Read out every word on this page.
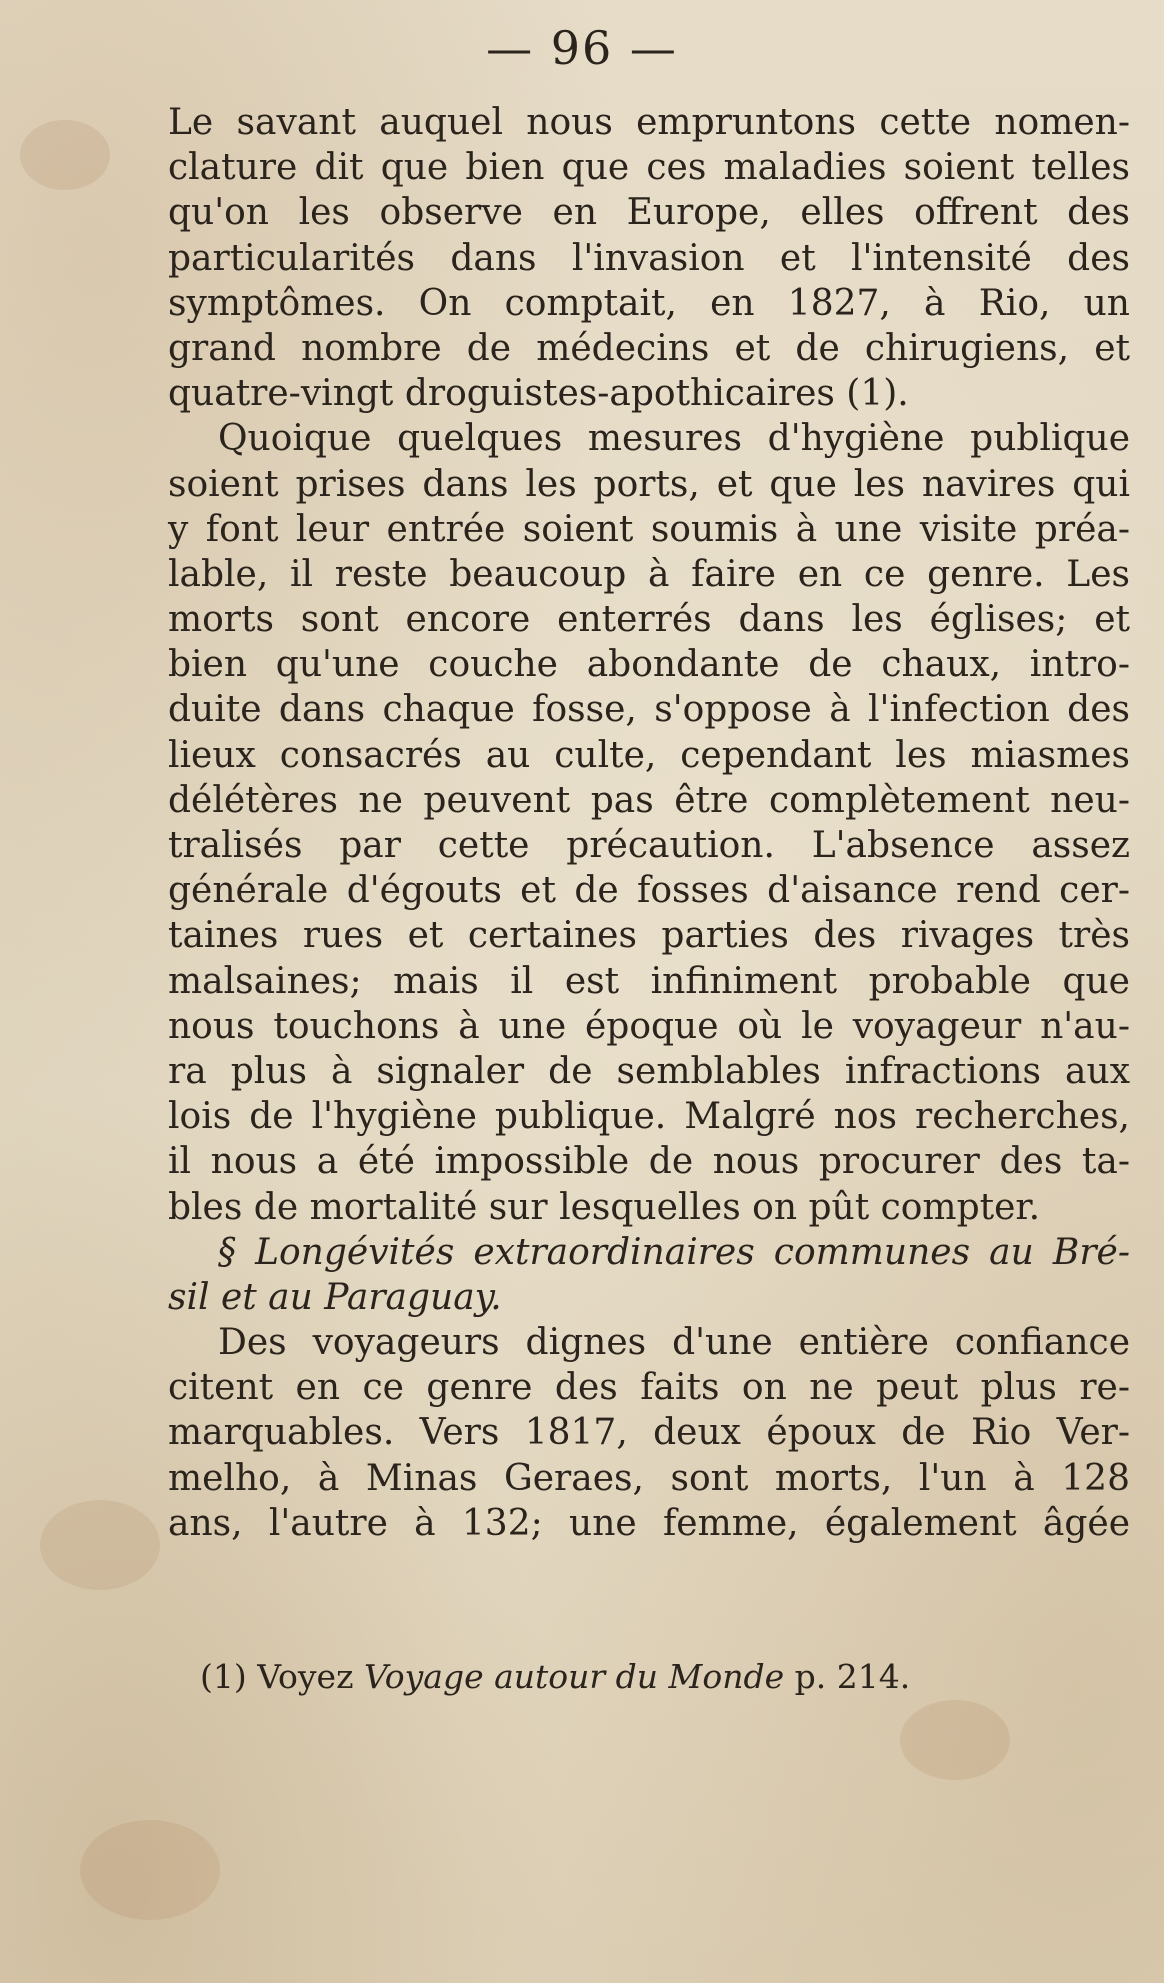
— 96 —
Le savant auquel nous empruntons cette nomen-
clature dit que bien que ces maladies soient telles
qu'on les observe en Europe, elles offrent des
particularités dans l'invasion et l'intensité des
symptômes. On comptait, en 1827, à Rio, un
grand nombre de médecins et de chirugiens, et
quatre-vingt droguistes-apothicaires (1).
Quoique quelques mesures d'hygiène publique
soient prises dans les ports, et que les navires qui
y font leur entrée soient soumis à une visite préa-
lable, il reste beaucoup à faire en ce genre. Les
morts sont encore enterrés dans les églises; et
bien qu'une couche abondante de chaux, intro-
duite dans chaque fosse, s'oppose à l'infection des
lieux consacrés au culte, cependant les miasmes
délétères ne peuvent pas être complètement neu-
tralisés par cette précaution. L'absence assez
générale d'égouts et de fosses d'aisance rend cer-
taines rues et certaines parties des rivages très
malsaines; mais il est infiniment probable que
nous touchons à une époque où le voyageur n'au-
ra plus à signaler de semblables infractions aux
lois de l'hygiène publique. Malgré nos recherches,
il nous a été impossible de nous procurer des ta-
bles de mortalité sur lesquelles on pût compter.
§ Longévités extraordinaires communes au Bré-
sil et au Paraguay.
Des voyageurs dignes d'une entière confiance
citent en ce genre des faits on ne peut plus re-
marquables. Vers 1817, deux époux de Rio Ver-
melho, à Minas Geraes, sont morts, l'un à 128
ans, l'autre à 132; une femme, également âgée
(1) Voyez Voyage autour du Monde p. 214.
